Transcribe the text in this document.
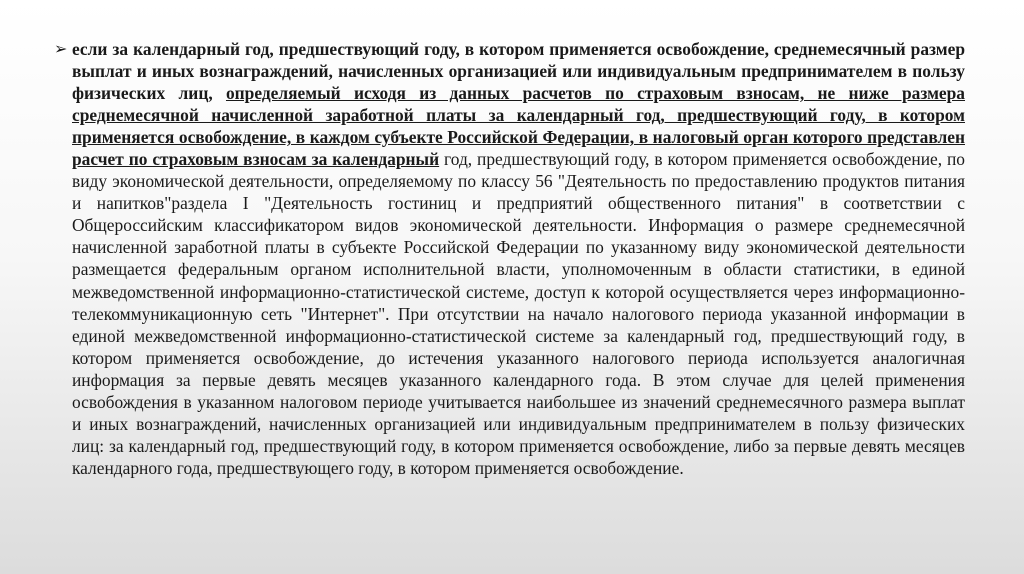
➢ если за календарный год, предшествующий году, в котором применяется освобождение, среднемесячный размер выплат и иных вознаграждений, начисленных организацией или индивидуальным предпринимателем в пользу физических лиц, определяемый исходя из данных расчетов по страховым взносам, не ниже размера среднемесячной начисленной заработной платы за календарный год, предшествующий году, в котором применяется освобождение, в каждом субъекте Российской Федерации, в налоговый орган которого представлен расчет по страховым взносам за календарный год, предшествующий году, в котором применяется освобождение, по виду экономической деятельности, определяемому по классу 56 "Деятельность по предоставлению продуктов питания и напитков"раздела I "Деятельность гостиниц и предприятий общественного питания" в соответствии с Общероссийским классификатором видов экономической деятельности. Информация о размере среднемесячной начисленной заработной платы в субъекте Российской Федерации по указанному виду экономической деятельности размещается федеральным органом исполнительной власти, уполномоченным в области статистики, в единой межведомственной информационно-статистической системе, доступ к которой осуществляется через информационно-телекоммуникационную сеть "Интернет". При отсутствии на начало налогового периода указанной информации в единой межведомственной информационно-статистической системе за календарный год, предшествующий году, в котором применяется освобождение, до истечения указанного налогового периода используется аналогичная информация за первые девять месяцев указанного календарного года. В этом случае для целей применения освобождения в указанном налоговом периоде учитывается наибольшее из значений среднемесячного размера выплат и иных вознаграждений, начисленных организацией или индивидуальным предпринимателем в пользу физических лиц: за календарный год, предшествующий году, в котором применяется освобождение, либо за первые девять месяцев календарного года, предшествующего году, в котором применяется освобождение.
